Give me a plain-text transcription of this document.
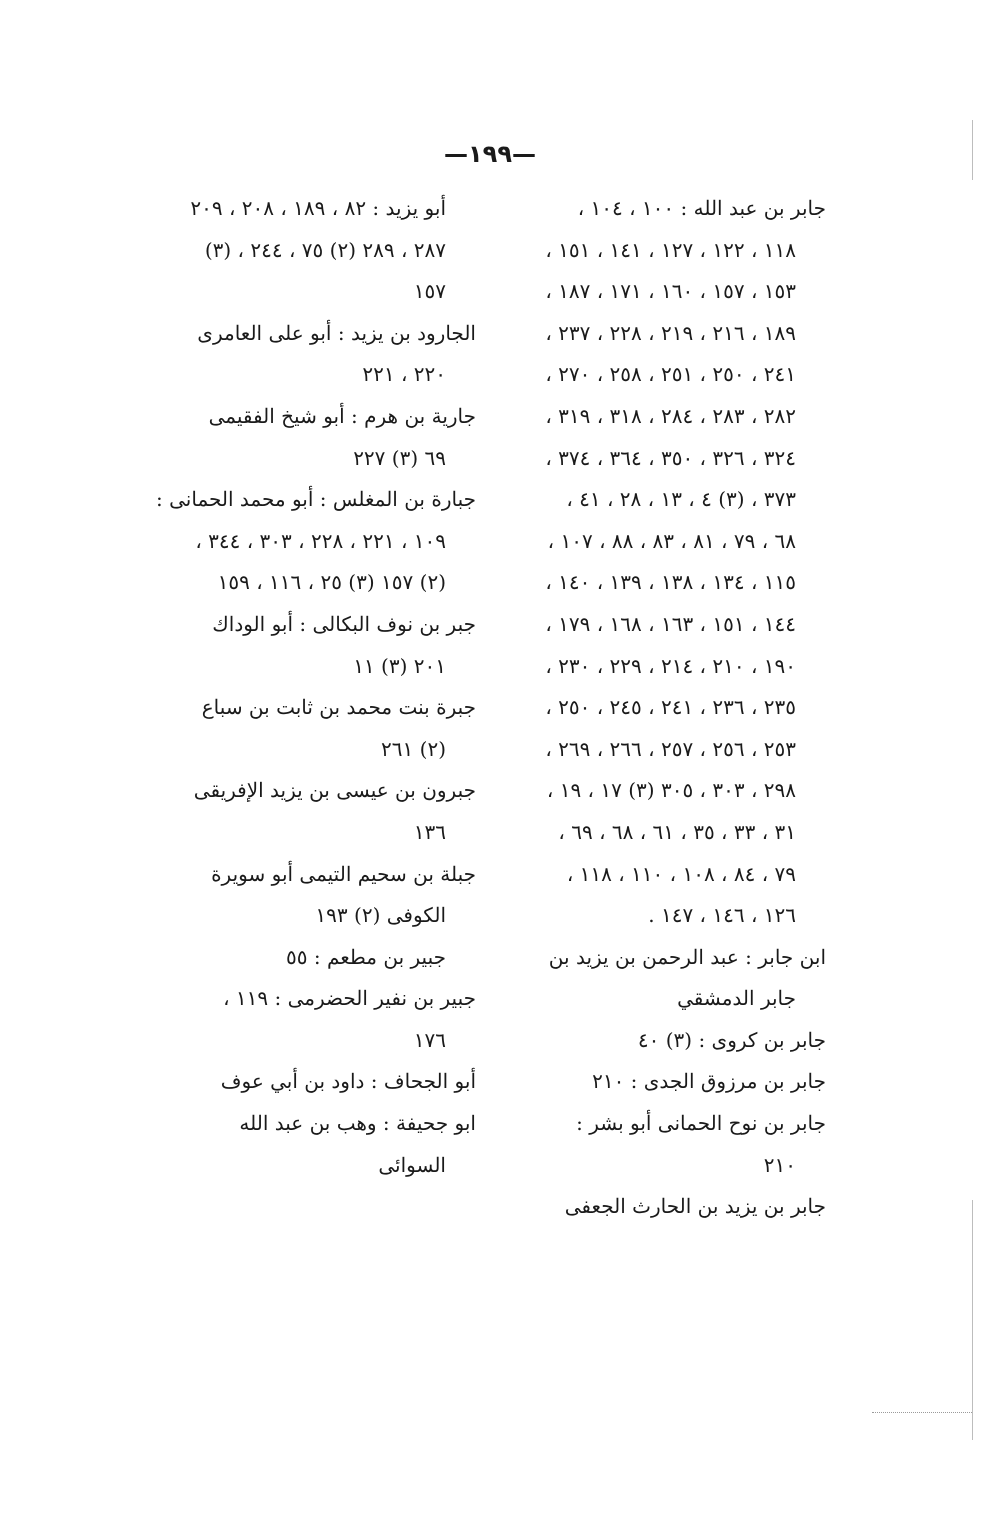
—١٩٩—
جابر بن عبد الله : ١٠٠ ، ١٠٤ ،
١١٨ ، ١٢٢ ، ١٢٧ ، ١٤١ ، ١٥١ ،
١٥٣ ، ١٥٧ ، ١٦٠ ، ١٧١ ، ١٨٧ ،
١٨٩ ، ٢١٦ ، ٢١٩ ، ٢٢٨ ، ٢٣٧ ،
٢٤١ ، ٢٥٠ ، ٢٥١ ، ٢٥٨ ، ٢٧٠ ،
٢٨٢ ، ٢٨٣ ، ٢٨٤ ، ٣١٨ ، ٣١٩ ،
٣٢٤ ، ٣٢٦ ، ٣٥٠ ، ٣٦٤ ، ٣٧٤ ،
٣٧٣ ، (٣) ٤ ، ١٣ ، ٢٨ ، ٤١ ،
٦٨ ، ٧٩ ، ٨١ ، ٨٣ ، ٨٨ ، ١٠٧ ،
١١٥ ، ١٣٤ ، ١٣٨ ، ١٣٩ ، ١٤٠ ،
١٤٤ ، ١٥١ ، ١٦٣ ، ١٦٨ ، ١٧٩ ،
١٩٠ ، ٢١٠ ، ٢١٤ ، ٢٢٩ ، ٢٣٠ ،
٢٣٥ ، ٢٣٦ ، ٢٤١ ، ٢٤٥ ، ٢٥٠ ،
٢٥٣ ، ٢٥٦ ، ٢٥٧ ، ٢٦٦ ، ٢٦٩ ،
٢٩٨ ، ٣٠٣ ، ٣٠٥ (٣) ١٧ ، ١٩ ،
٣١ ، ٣٣ ، ٣٥ ، ٦١ ، ٦٨ ، ٦٩ ،
٧٩ ، ٨٤ ، ١٠٨ ، ١١٠ ، ١١٨ ،
١٢٦ ، ١٤٦ ، ١٤٧ .
ابن جابر : عبد الرحمن بن يزيد بن
جابر الدمشقي
جابر بن كروى : (٣) ٤٠
جابر بن مرزوق الجدى : ٢١٠
جابر بن نوح الحمانى أبو بشر :
٢١٠
جابر بن يزيد بن الحارث الجعفى
أبو يزيد : ٨٢ ، ١٨٩ ، ٢٠٨ ، ٢٠٩
٢٨٧ ، ٢٨٩ (٢) ٧٥ ، ٢٤٤ ، (٣)
١٥٧
الجارود بن يزيد : أبو على العامرى
٢٢٠ ، ٢٢١
جارية بن هرم : أبو شيخ الفقيمى
٦٩ (٣) ٢٢٧
جبارة بن المغلس : أبو محمد الحمانى :
١٠٩ ، ٢٢١ ، ٢٢٨ ، ٣٠٣ ، ٣٤٤ ،
(٢) ١٥٧ (٣) ٢٥ ، ١١٦ ، ١٥٩
جبر بن نوف البكالى : أبو الوداك
٢٠١ (٣) ١١
جبرة بنت محمد بن ثابت بن سباع
(٢) ٢٦١
جبرون بن عيسى بن يزيد الإفريقى
١٣٦
جبلة بن سحيم التيمى أبو سويرة
الكوفى (٢) ١٩٣
جبير بن مطعم : ٥٥
جبير بن نفير الحضرمى : ١١٩ ،
١٧٦
أبو الجحاف : داود بن أبي عوف
ابو جحيفة : وهب بن عبد الله
السوائى
